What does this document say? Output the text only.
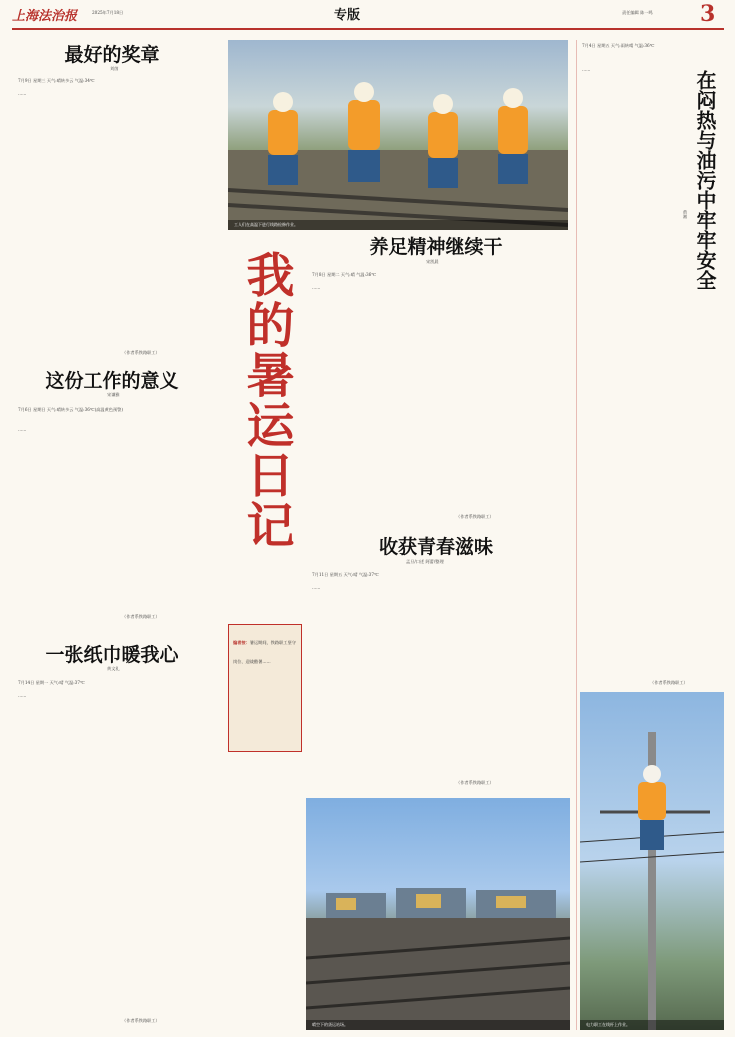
上海法治报	2025年7月18日	专版	责任编辑 陈一鸣 3
最好的奖章
刘茵
7月9日 星期三 天气:晴转多云 气温:34℃
……
（作者系铁路职工）
这份工作的意义
宋谦雅
7月6日 星期日 天气:晴转多云 气温:36℃(高温黄色预警)
……
（作者系铁路职工）
一张纸巾暖我心
黄文礼
7月14日 星期一 天气:晴 气温:37℃
……
（作者系铁路职工）
工人们在高温下进行线路检修作业。
我的暑运日记
养足精神继续干
宋凯晨
7月8日 星期二 天气:晴 气温:36℃
……
（作者系铁路职工）
收获青春滋味
孟旦/口述 阿蕾/整理
7月11日 星期五 天气:晴 气温:37℃
……
（作者系铁路职工）
编者按：暑运期间，铁路职工坚守岗位、迎战酷暑……
晴空下的货运站场。
7月4日 星期五 天气:雨转晴 气温:36℃
在闷热与油污中牢牢安全
黄湘
……
（作者系铁路职工）
电力职工在线杆上作业。
